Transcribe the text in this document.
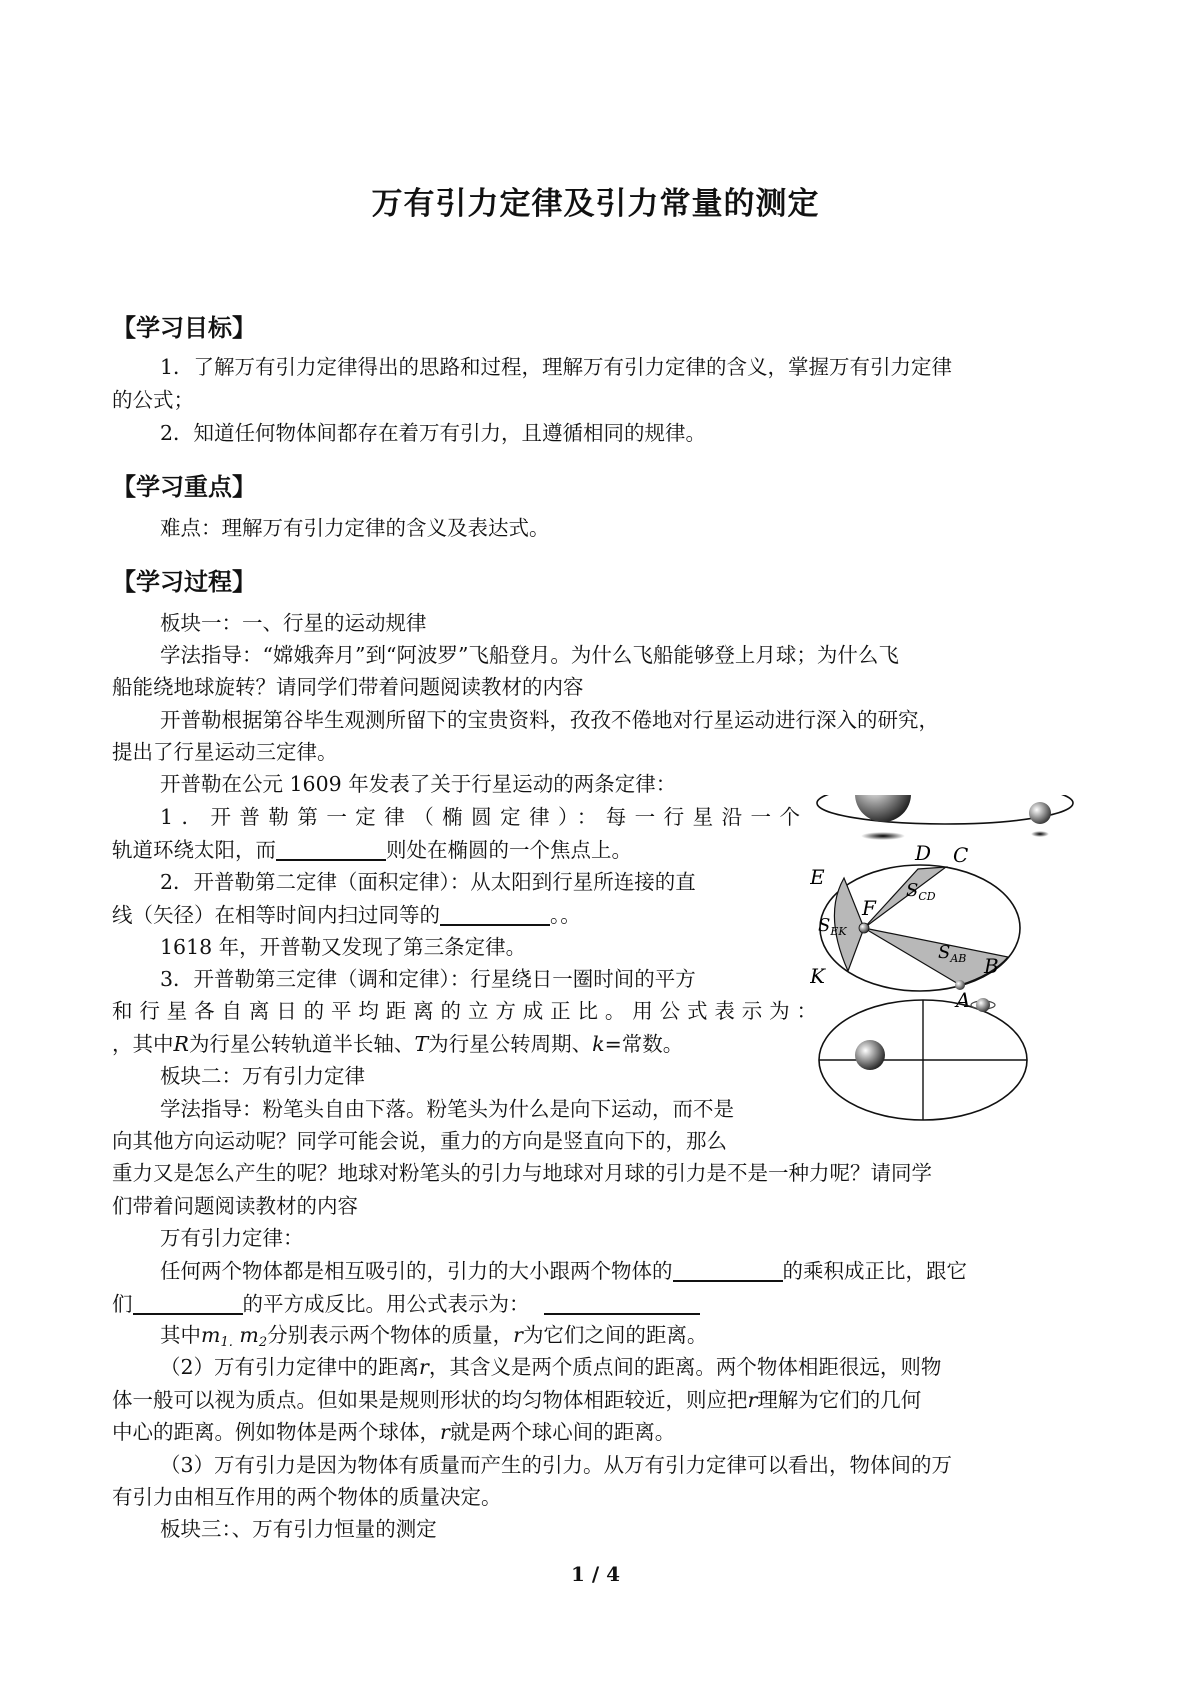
万有引力定律及引力常量的测定
【学习目标】
1．了解万有引力定律得出的思路和过程，理解万有引力定律的含义，掌握万有引力定律
的公式；
2．知道任何物体间都存在着万有引力，且遵循相同的规律。
【学习重点】
难点：理解万有引力定律的含义及表达式。
【学习过程】
板块一：一、行星的运动规律
学法指导：“嫦娥奔月”到“阿波罗”飞船登月。为什么飞船能够登上月球；为什么飞
船能绕地球旋转？请同学们带着问题阅读教材的内容
开普勒根据第谷毕生观测所留下的宝贵资料，孜孜不倦地对行星运动进行深入的研究，
提出了行星运动三定律。
开普勒在公元 1609 年发表了关于行星运动的两条定律：
1．开普勒第一定律（椭圆定律）：每一行星沿一个
轨道环绕太阳，而	则处在椭圆的一个焦点上。
2．开普勒第二定律（面积定律）：从太阳到行星所连接的直
线（矢径）在相等时间内扫过同等的	。。
1618 年，开普勒又发现了第三条定律。
3．开普勒第三定律（调和定律）：行星绕日一圈时间的平方
和行星各自离日的平均距离的立方成正比。用公式表示为：
，其中R为行星公转轨道半长轴、T为行星公转周期、k=常数。
板块二：万有引力定律
学法指导：粉笔头自由下落。粉笔头为什么是向下运动，而不是
向其他方向运动呢？同学可能会说，重力的方向是竖直向下的，那么
重力又是怎么产生的呢？地球对粉笔头的引力与地球对月球的引力是不是一种力呢？请同学
们带着问题阅读教材的内容
万有引力定律：
任何两个物体都是相互吸引的，引力的大小跟两个物体的	的乘积成正比，跟它
们	的平方成反比。用公式表示为：
其中$m_{1.}$ $m_2$分别表示两个物体的质量，r为它们之间的距离。
（2）万有引力定律中的距离r，其含义是两个质点间的距离。两个物体相距很远，则物
体一般可以视为质点。但如果是规则形状的均匀物体相距较近，则应把r理解为它们的几何
中心的距离。例如物体是两个球体，r就是两个球心间的距离。
（3）万有引力是因为物体有质量而产生的引力。从万有引力定律可以看出，物体间的万
有引力由相互作用的两个物体的质量决定。
板块三：、万有引力恒量的测定
1 / 4
D C
E
F
B
K
A
$S_{CD}$
$S_{EK}$
$S_{AB}$
